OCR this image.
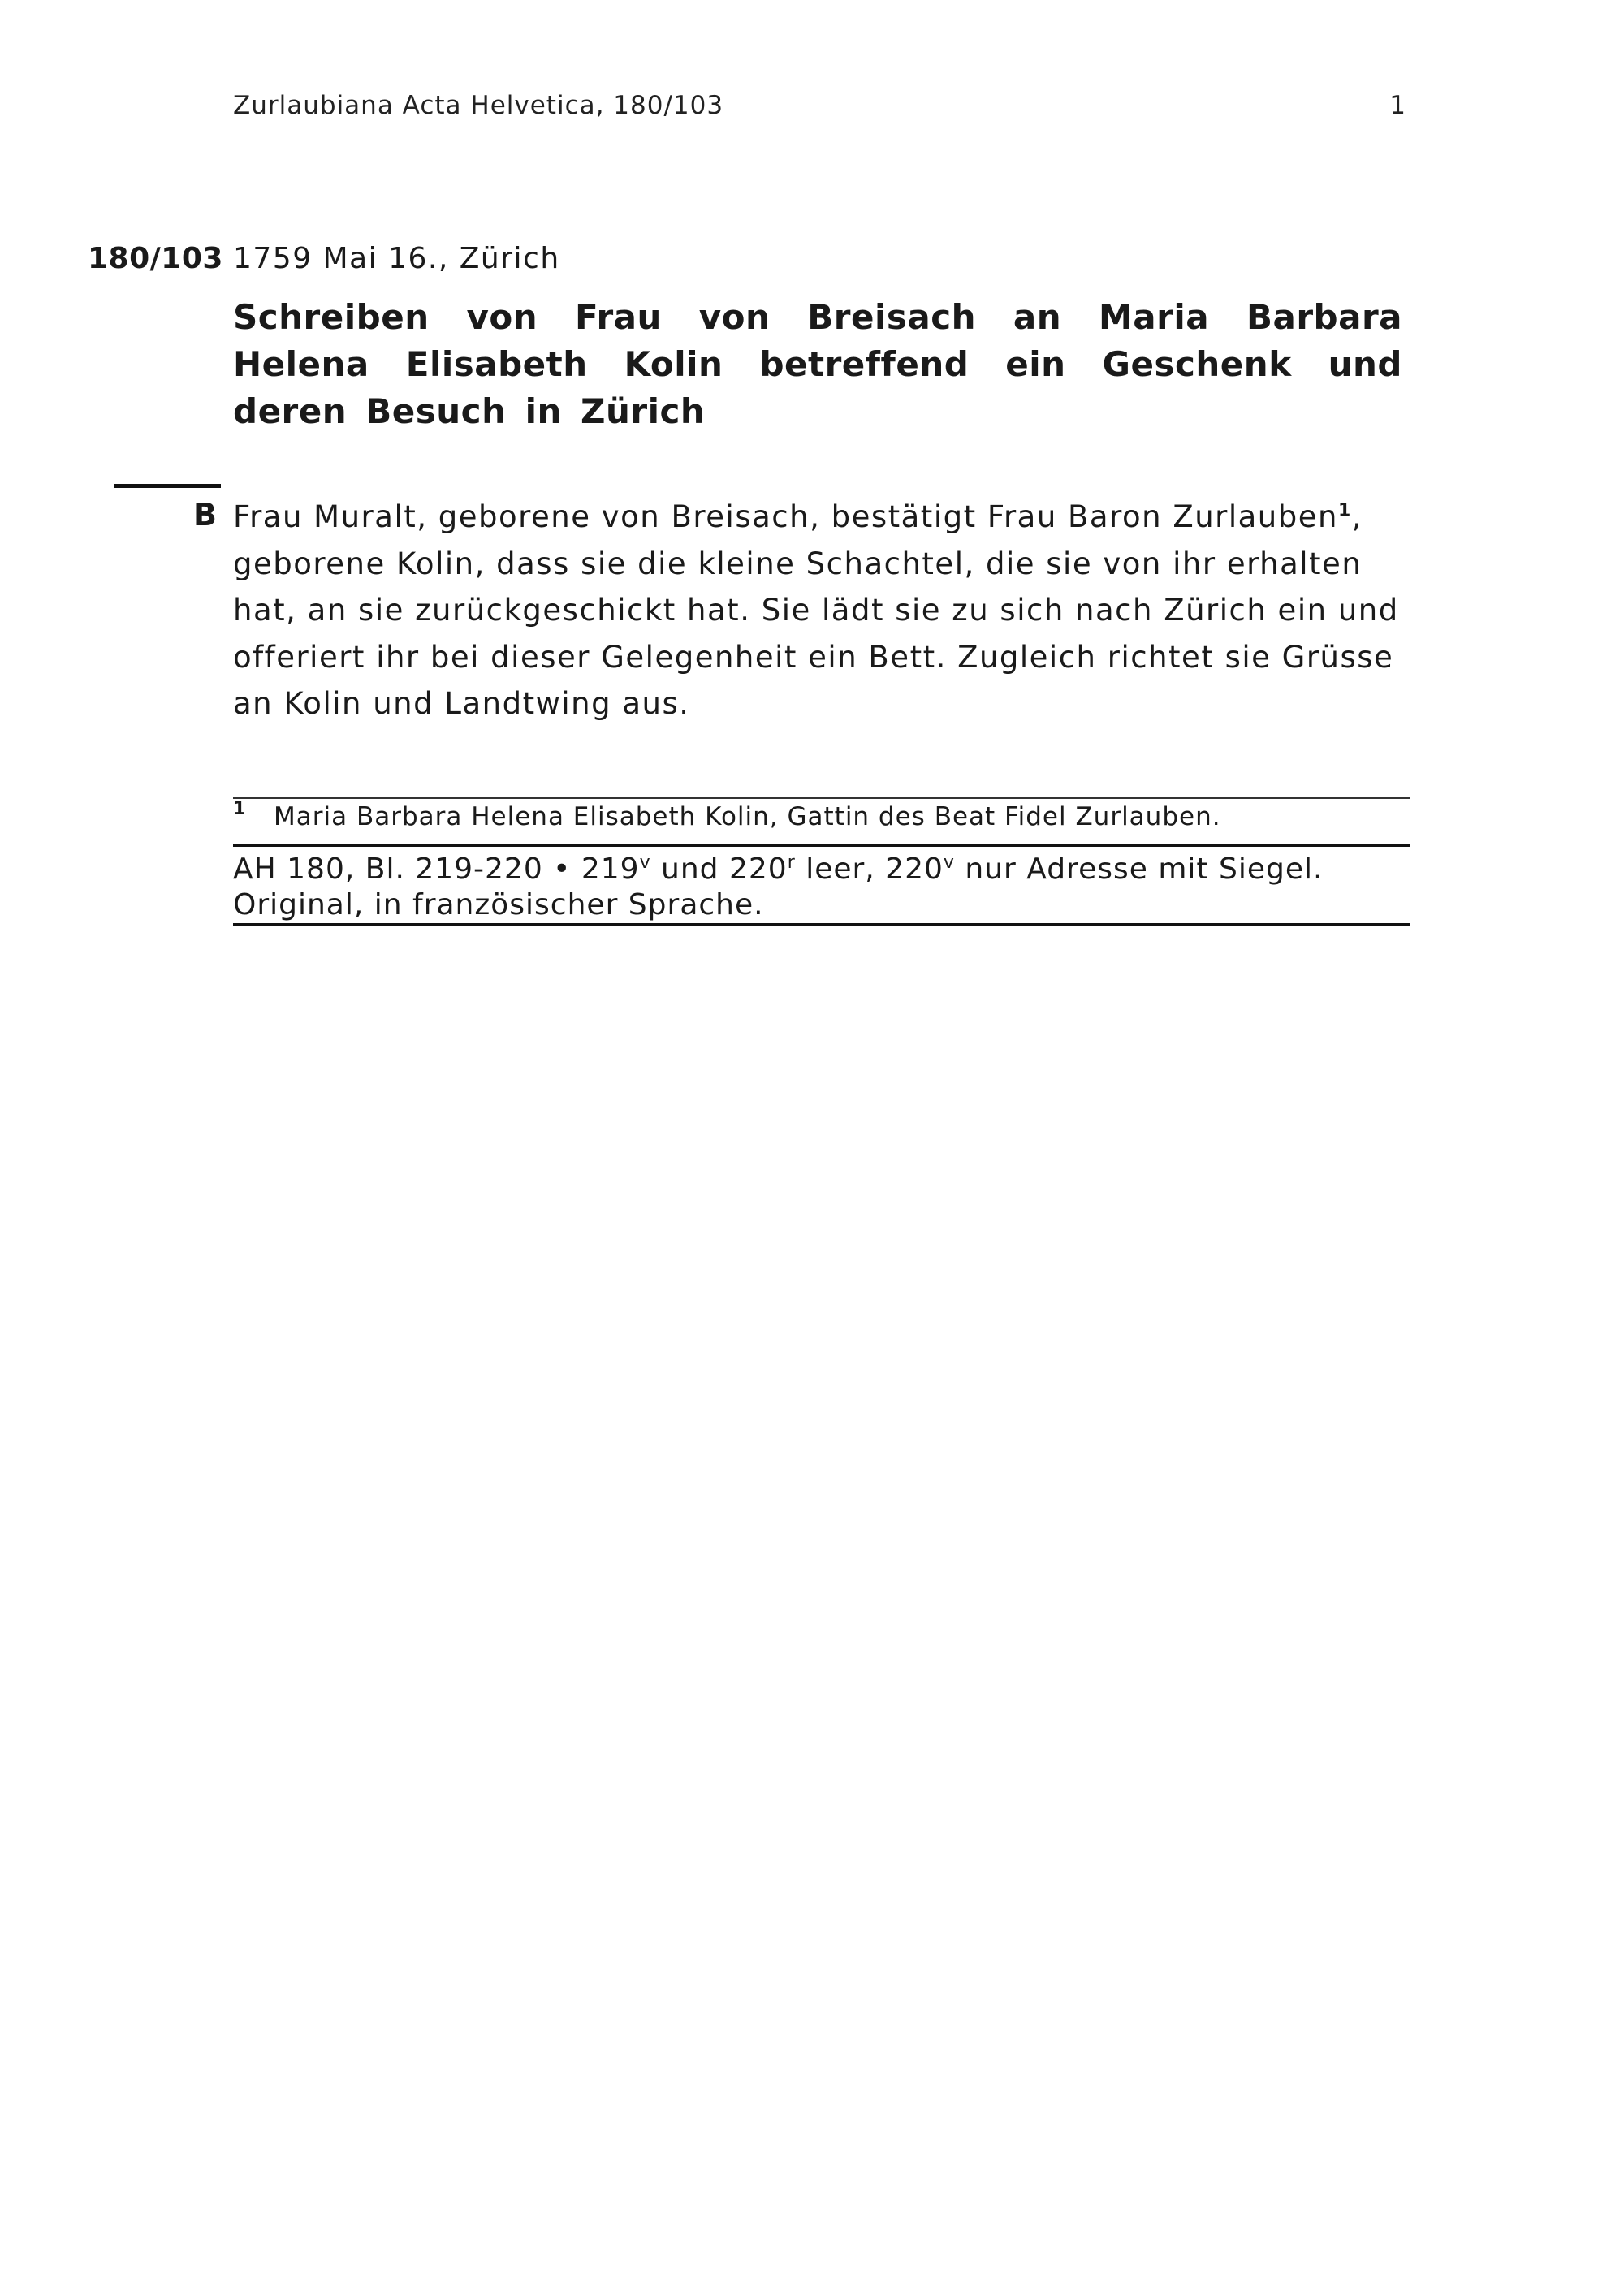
Zurlaubiana Acta Helvetica, 180/103	1
180/103 1759 Mai 16., Zürich
Schreiben von Frau von Breisach an Maria Barbara Helena Elisabeth Kolin betreffend ein Geschenk und deren Besuch in Zürich
B Frau Muralt, geborene von Breisach, bestätigt Frau Baron Zurlauben$^1$, geborene Kolin, dass sie die kleine Schachtel, die sie von ihr erhalten hat, an sie zurückgeschickt hat. Sie lädt sie zu sich nach Zürich ein und offeriert ihr bei dieser Gelegenheit ein Bett. Zugleich richtet sie Grüsse an Kolin und Landtwing aus.

1 Maria Barbara Helena Elisabeth Kolin, Gattin des Beat Fidel Zurlauben.
AH 180, Bl. 219-220 • 219$^v$ und 220$^r$ leer, 220$^v$ nur Adresse mit Siegel.
Original, in französischer Sprache.
